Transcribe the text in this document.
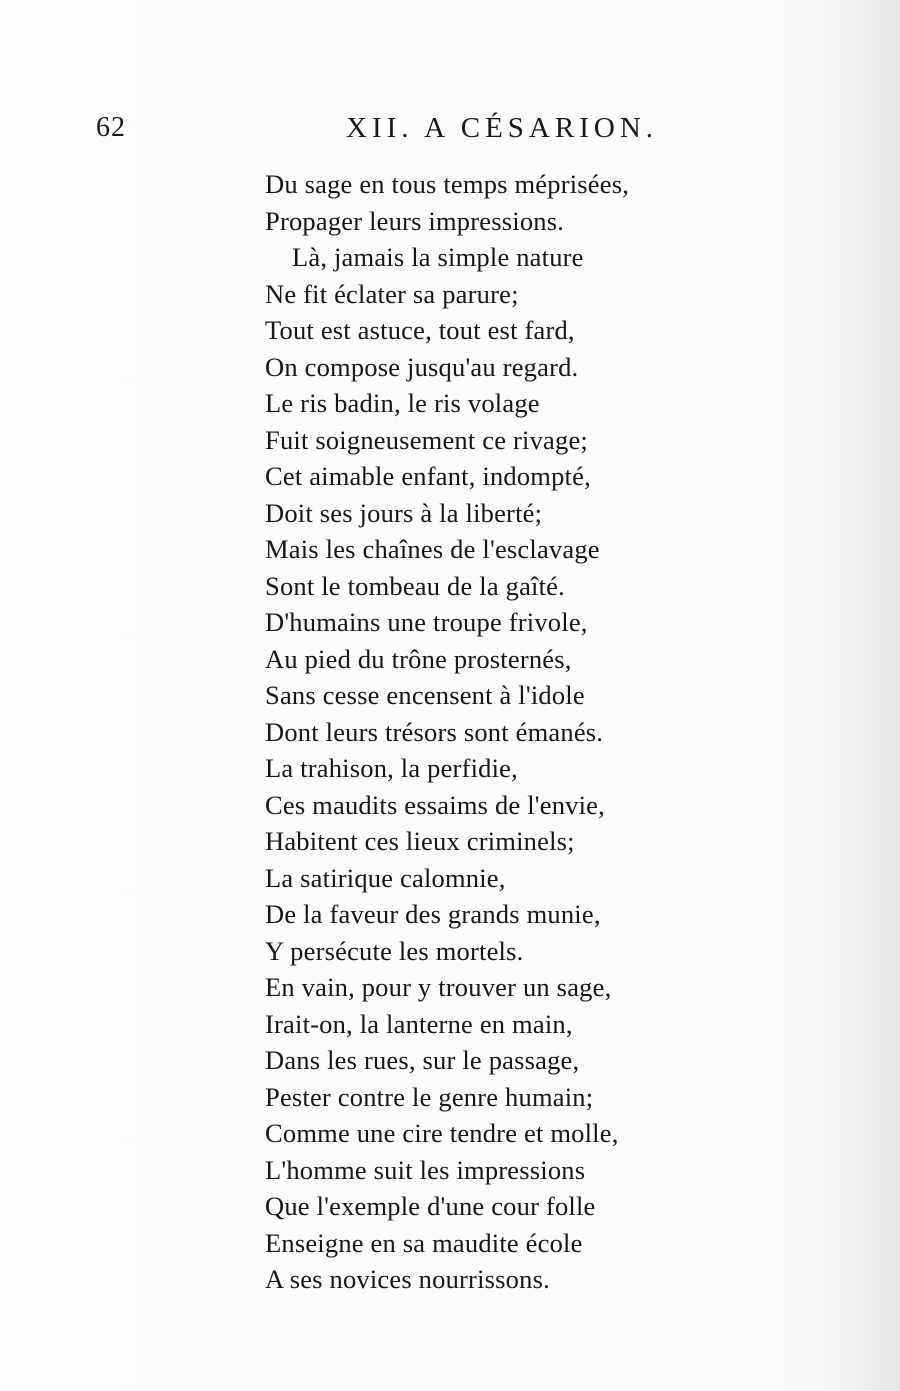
62	XII. A CÉSARION.
Du sage en tous temps méprisées,
Propager leurs impressions.
Là, jamais la simple nature
Ne fit éclater sa parure;
Tout est astuce, tout est fard,
On compose jusqu'au regard.
Le ris badin, le ris volage
Fuit soigneusement ce rivage;
Cet aimable enfant, indompté,
Doit ses jours à la liberté;
Mais les chaînes de l'esclavage
Sont le tombeau de la gaîté.
D'humains une troupe frivole,
Au pied du trône prosternés,
Sans cesse encensent à l'idole
Dont leurs trésors sont émanés.
La trahison, la perfidie,
Ces maudits essaims de l'envie,
Habitent ces lieux criminels;
La satirique calomnie,
De la faveur des grands munie,
Y persécute les mortels.
En vain, pour y trouver un sage,
Irait-on, la lanterne en main,
Dans les rues, sur le passage,
Pester contre le genre humain;
Comme une cire tendre et molle,
L'homme suit les impressions
Que l'exemple d'une cour folle
Enseigne en sa maudite école
A ses novices nourrissons.
